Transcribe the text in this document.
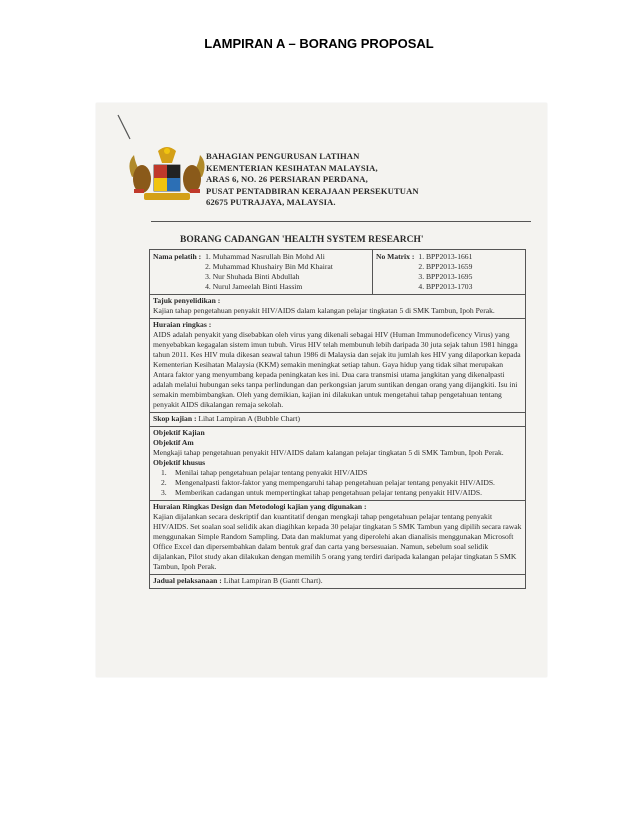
LAMPIRAN A – BORANG PROPOSAL
BAHAGIAN PENGURUSAN LATIHAN
KEMENTERIAN KESIHATAN MALAYSIA,
ARAS 6, NO. 26 PERSIARAN PERDANA,
PUSAT PENTADBIRAN KERAJAAN PERSEKUTUAN
62675 PUTRAJAYA, MALAYSIA.
BORANG CADANGAN 'HEALTH SYSTEM RESEARCH'
Nama pelatih : 1. Muhammad Nasrullah Bin Mohd Ali
2. Muhammad Khushairy Bin Md Khairat
3. Nur Shuhada Binti Abdullah
4. Nurul Jameelah Binti Hassim
No Matrix : 1. BPP2013-1661
2. BPP2013-1659
3. BPP2013-1695
4. BPP2013-1703
Tajuk penyelidikan :
Kajian tahap pengetahuan penyakit HIV/AIDS dalam kalangan pelajar tingkatan 5 di SMK Tambun, Ipoh Perak.
Huraian ringkas :
AIDS adalah penyakit yang disebabkan oleh virus yang dikenali sebagai HIV (Human Immunodeficency Virus) yang menyebabkan kegagalan sistem imun tubuh. Virus HIV telah membunuh lebih daripada 30 juta sejak tahun 1981 hingga tahun 2011. Kes HIV mula dikesan seawal tahun 1986 di Malaysia dan sejak itu jumlah kes HIV yang dilaporkan kepada Kementerian Kesihatan Malaysia (KKM) semakin meningkat setiap tahun. Gaya hidup yang tidak sihat merupakan Antara faktor yang menyumbang kepada peningkatan kes ini. Dua cara transmisi utama jangkitan yang dikenalpasti adalah melalui hubungan seks tanpa perlindungan dan perkongsian jarum suntikan dengan orang yang dijangkiti. Isu ini semakin membimbangkan. Oleh yang demikian, kajian ini dilakukan untuk mengetahui tahap pengetahuan tentang penyakit AIDS dikalangan remaja sekolah.
Skop kajian : Lihat Lampiran A (Bubble Chart)
Objektif Kajian
Objektif Am
Mengkaji tahap pengetahuan penyakit HIV/AIDS dalam kalangan pelajar tingkatan 5 di SMK Tambun, Ipoh Perak.
Objektif khusus
1.	Menilai tahap pengetahuan pelajar tentang penyakit HIV/AIDS
2.	Mengenalpasti faktor-faktor yang mempengaruhi tahap pengetahuan pelajar tentang penyakit HIV/AIDS.
3.	Memberikan cadangan untuk mempertingkat tahap pengetahuan pelajar tentang penyakit HIV/AIDS.
Huraian Ringkas Design dan Metodologi kajian yang digunakan :
Kajian dijalankan secara deskriptif dan kuantitatif dengan mengkaji tahap pengetahuan pelajar tentang penyakit HIV/AIDS. Set soalan soal selidik akan diagihkan kepada 30 pelajar tingkatan 5 SMK Tambun yang dipilih secara rawak menggunakan Simple Random Sampling. Data dan maklumat yang diperolehi akan dianalisis menggunakan Microsoft Office Excel dan dipersembahkan dalam bentuk graf dan carta yang bersesuaian. Namun, sebelum soal selidik dijalankan, Pilot study akan dilakukan dengan memilih 5 orang yang terdiri daripada kalangan pelajar tingkatan 5 SMK Tambun, Ipoh Perak.
Jadual pelaksanaan : Lihat Lampiran B (Gantt Chart).
